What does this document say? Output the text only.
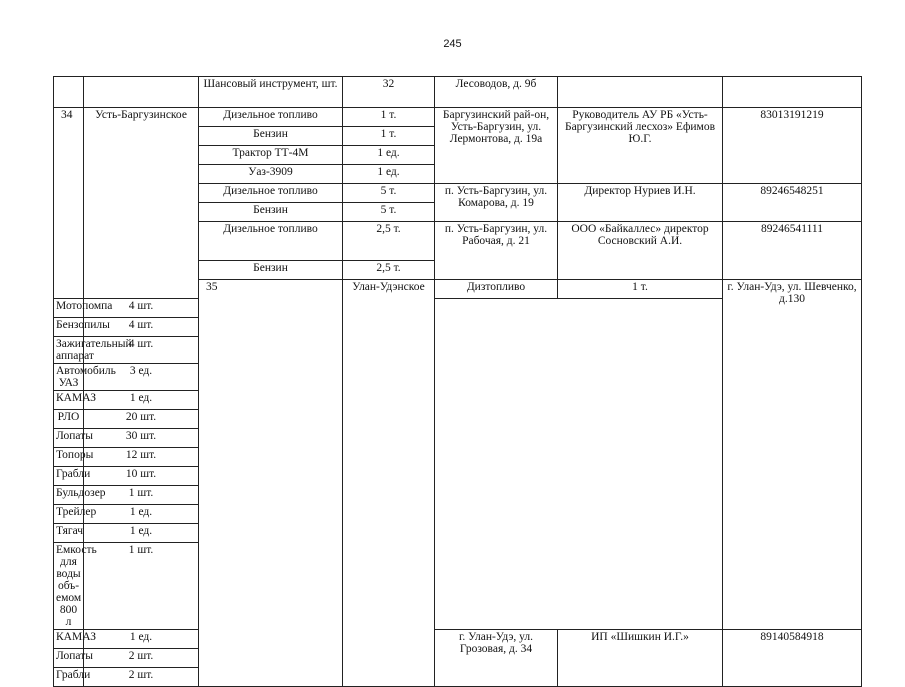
245
		Шансовый инструмент, шт.	32	Лесоводов, д. 9б			
34	Усть-Баргузинское	Дизельное топливо	1 т.	Баргузинский рай-он, Усть-Баргузин, ул. Лермонтова, д. 19а	Руководитель АУ РБ «Усть-Баргузинский лесхоз» Ефимов Ю.Г.	83013191219	
		Бензин	1 т.				
		Трактор ТТ-4М	1 ед.				
		Уаз-3909	1 ед.				
		Дизельное топливо	5 т.	п. Усть-Баргузин, ул. Комарова, д. 19	Директор Нуриев И.Н.	89246548251	
		Бензин	5 т.				
		Дизельное топливо	2,5 т.	п. Усть-Баргузин, ул. Рабочая, д. 21	ООО «Байкаллес» директор Сосновский А.И.	89246541111	
		Бензин	2,5 т.				
		35	Улан-Удэнское	Дизтопливо	1 т.	г. Улан-Удэ, ул. Шевченко, д.130		
Мотопомпа	4 шт.						
Бензопилы	4 шт.						
Зажигательный аппарат	4 шт.						
Автомобиль УАЗ	3 ед.						
КАМАЗ	1 ед.						
РЛО	20 шт.						
Лопаты	30 шт.						
Топоры	12 шт.						
Грабли	10 шт.						
Бульдозер	1 шт.						
Трейлер	1 ед.						
Тягач	1 ед.						
Емкость для воды объ-емом 800 л	1 шт.						
КАМАЗ	1 ед.			г. Улан-Удэ, ул. Грозовая, д. 34	ИП «Шишкин И.Г.»	89140584918	
Лопаты	2 шт.						
Грабли	2 шт.						
